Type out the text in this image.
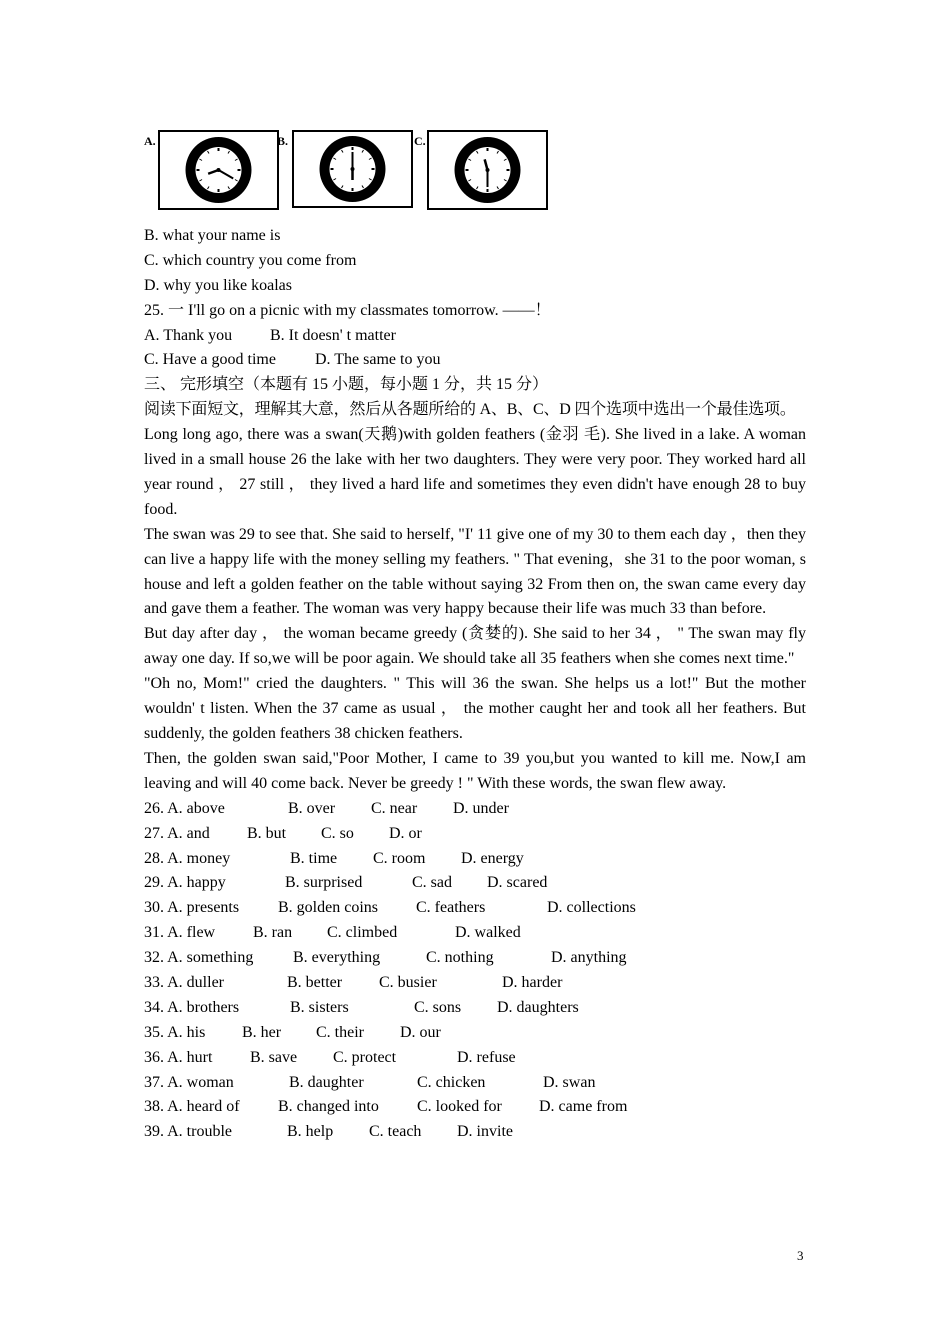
A.	B.	C.
B. what your name is
C. which country you come from
D. why you like koalas
25. 一 I'll go on a picnic with my classmates tomorrow. ——！
A. Thank you B. It doesn' t matter
C. Have a good time D. The same to you
三、 完形填空（本题有 15 小题，每小题 1 分，共 15 分）
阅读下面短文，理解其大意，然后从各题所给的 A、B、C、D 四个选项中选出一个最佳选项。
Long long ago, there was a swan(天鹅)with golden feathers (金羽 毛). She lived in a lake. A woman lived in a small house 26 the lake with her two daughters. They were very poor. They worked hard all year round ， 27 still ， they lived a hard life and sometimes they even didn't have enough 28 to buy food.
The swan was 29 to see that. She said to herself, "I' 11 give one of my 30 to them each day ，then they can live a happy life with the money selling my feathers. " That evening，she 31 to the poor woman, s house and left a golden feather on the table without saying 32 From then on, the swan came every day and gave them a feather. The woman was very happy because their life was much 33 than before.
But day after day ， the woman became greedy (贪婪的). She said to her 34 ， " The swan may fly away one day. If so,we will be poor again. We should take all 35 feathers when she comes next time."
"Oh no, Mom!" cried the daughters. " This will 36 the swan. She helps us a lot!" But the mother wouldn' t listen. When the 37 came as usual ， the mother caught her and took all her feathers. But suddenly, the golden feathers 38 chicken feathers.
Then, the golden swan said,"Poor Mother, I came to 39 you,but you wanted to kill me. Now,I am leaving and will 40 come back. Never be greedy ! " With these words, the swan flew away.
26. A. above	B. over C. near D. under
27. A. and B. but C. so D. or
28. A. money	B. time C. room D. energy
29. A. happy	B. surprised	C. sad D. scared
30. A. presents B. golden coins C. feathers	D. collections
31. A. flew B. ran C. climbed	D. walked
32. A. something B. everything	C. nothing	D. anything
33. A. duller	B. better C. busier	D. harder
34. A. brothers	B. sisters	C. sons D. daughters
35. A. his B. her C. their D. our
36. A. hurt B. save C. protect	D. refuse
37. A. woman	B. daughter	C. chicken	D. swan
38. A. heard of B. changed into C. looked for D. came from
39. A. trouble	B. help C. teach D. invite
3
